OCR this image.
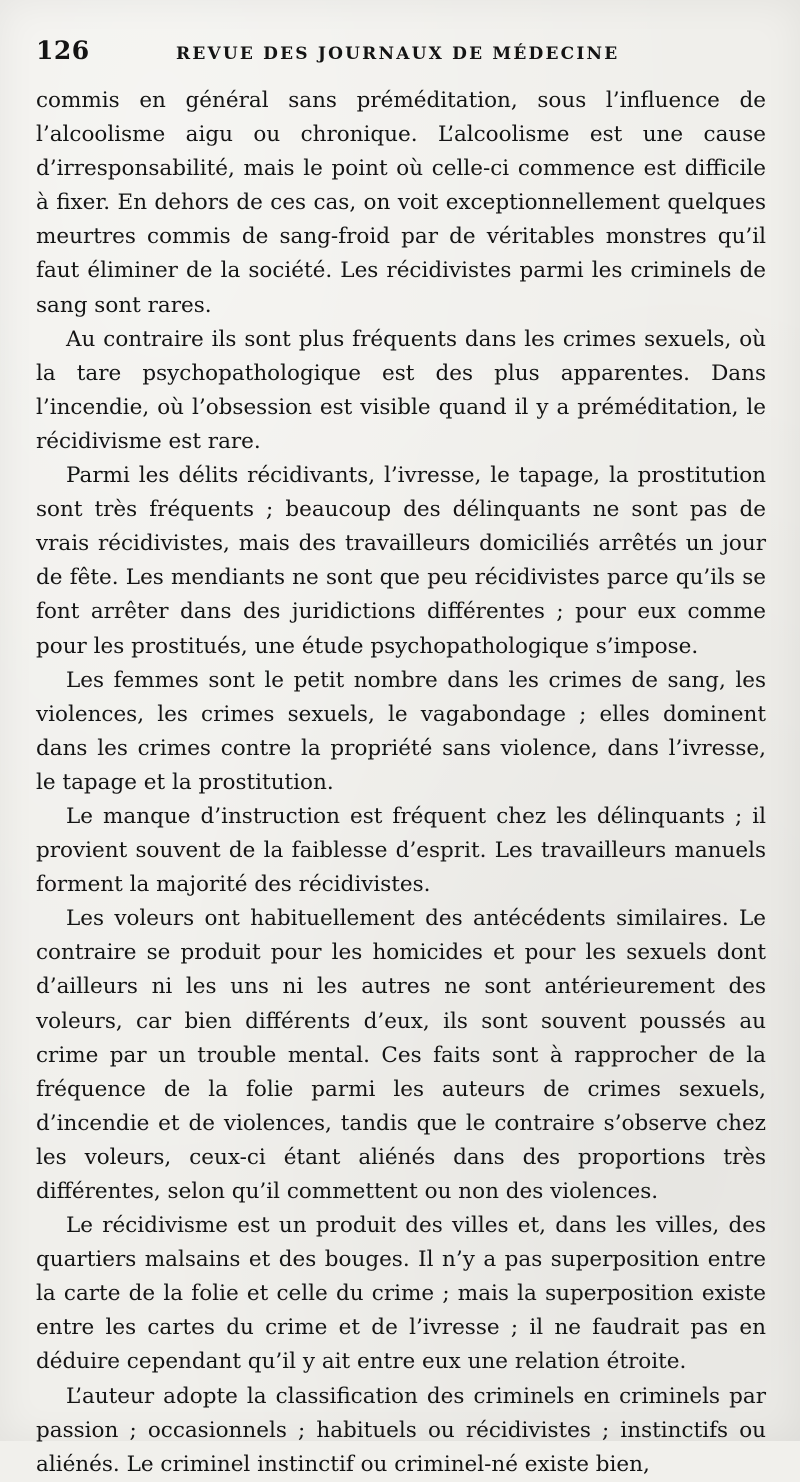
126	REVUE DES JOURNAUX DE MÉDECINE

commis en général sans préméditation, sous l’influence de l’alcoolisme aigu ou chronique. L’alcoolisme est une cause d’irresponsabilité, mais le point où celle-ci commence est difficile à fixer. En dehors de ces cas, on voit exceptionnellement quelques meurtres commis de sang-froid par de véritables monstres qu’il faut éliminer de la société. Les récidivistes parmi les criminels de sang sont rares.

Au contraire ils sont plus fréquents dans les crimes sexuels, où la tare psychopathologique est des plus apparentes. Dans l’incendie, où l’obsession est visible quand il y a préméditation, le récidivisme est rare.

Parmi les délits récidivants, l’ivresse, le tapage, la prostitution sont très fréquents ; beaucoup des délinquants ne sont pas de vrais récidivistes, mais des travailleurs domiciliés arrêtés un jour de fête. Les mendiants ne sont que peu récidivistes parce qu’ils se font arrêter dans des juridictions différentes ; pour eux comme pour les prostitués, une étude psychopathologique s’impose.

Les femmes sont le petit nombre dans les crimes de sang, les violences, les crimes sexuels, le vagabondage ; elles dominent dans les crimes contre la propriété sans violence, dans l’ivresse, le tapage et la prostitution.

Le manque d’instruction est fréquent chez les délinquants ; il provient souvent de la faiblesse d’esprit. Les travailleurs manuels forment la majorité des récidivistes.

Les voleurs ont habituellement des antécédents similaires. Le contraire se produit pour les homicides et pour les sexuels dont d’ailleurs ni les uns ni les autres ne sont antérieurement des voleurs, car bien différents d’eux, ils sont souvent poussés au crime par un trouble mental. Ces faits sont à rapprocher de la fréquence de la folie parmi les auteurs de crimes sexuels, d’incendie et de violences, tandis que le contraire s’observe chez les voleurs, ceux-ci étant aliénés dans des proportions très différentes, selon qu’il commettent ou non des violences.

Le récidivisme est un produit des villes et, dans les villes, des quartiers malsains et des bouges. Il n’y a pas superposition entre la carte de la folie et celle du crime ; mais la superposition existe entre les cartes du crime et de l’ivresse ; il ne faudrait pas en déduire cependant qu’il y ait entre eux une relation étroite.

L’auteur adopte la classification des criminels en criminels par passion ; occasionnels ; habituels ou récidivistes ; instinctifs ou aliénés. Le criminel instinctif ou criminel-né existe bien,
